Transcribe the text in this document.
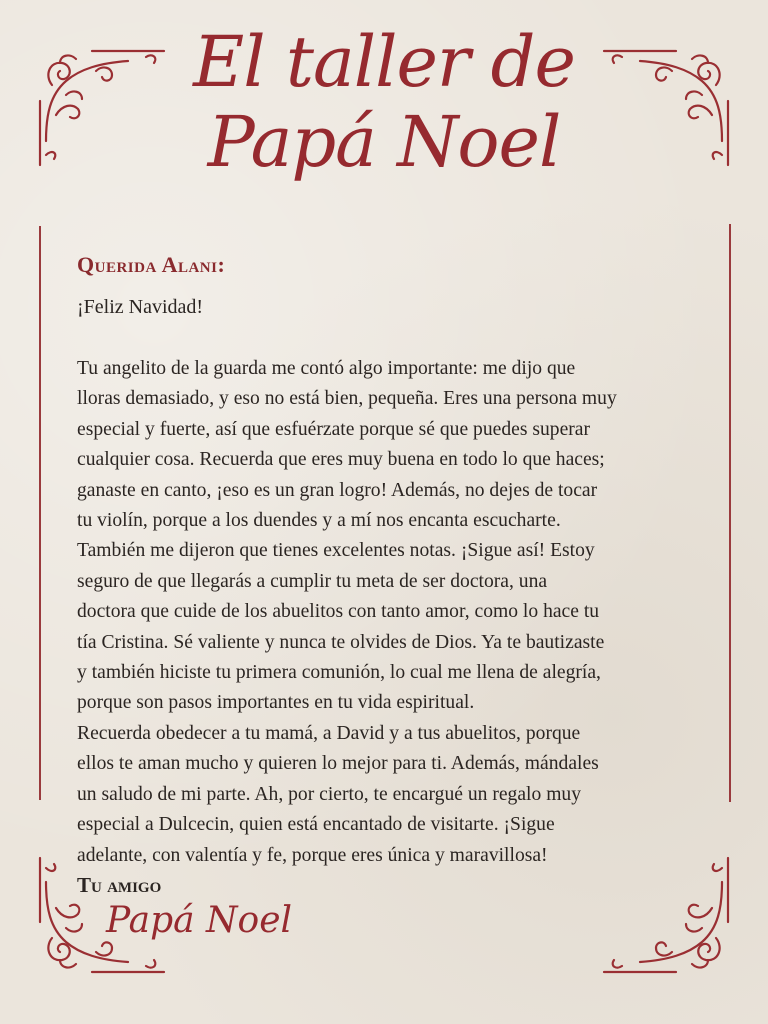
El taller de
Papá Noel

Querida Alani:

¡Feliz Navidad!

Tu angelito de la guarda me contó algo importante: me dijo que
lloras demasiado, y eso no está bien, pequeña. Eres una persona muy
especial y fuerte, así que esfuérzate porque sé que puedes superar
cualquier cosa. Recuerda que eres muy buena en todo lo que haces;
ganaste en canto, ¡eso es un gran logro! Además, no dejes de tocar
tu violín, porque a los duendes y a mí nos encanta escucharte.
También me dijeron que tienes excelentes notas. ¡Sigue así! Estoy
seguro de que llegarás a cumplir tu meta de ser doctora, una
doctora que cuide de los abuelitos con tanto amor, como lo hace tu
tía Cristina. Sé valiente y nunca te olvides de Dios. Ya te bautizaste
y también hiciste tu primera comunión, lo cual me llena de alegría,
porque son pasos importantes en tu vida espiritual.
Recuerda obedecer a tu mamá, a David y a tus abuelitos, porque
ellos te aman mucho y quieren lo mejor para ti. Además, mándales
un saludo de mi parte. Ah, por cierto, te encargué un regalo muy
especial a Dulcecin, quien está encantado de visitarte. ¡Sigue
adelante, con valentía y fe, porque eres única y maravillosa!

Tu amigo

Papá Noel
